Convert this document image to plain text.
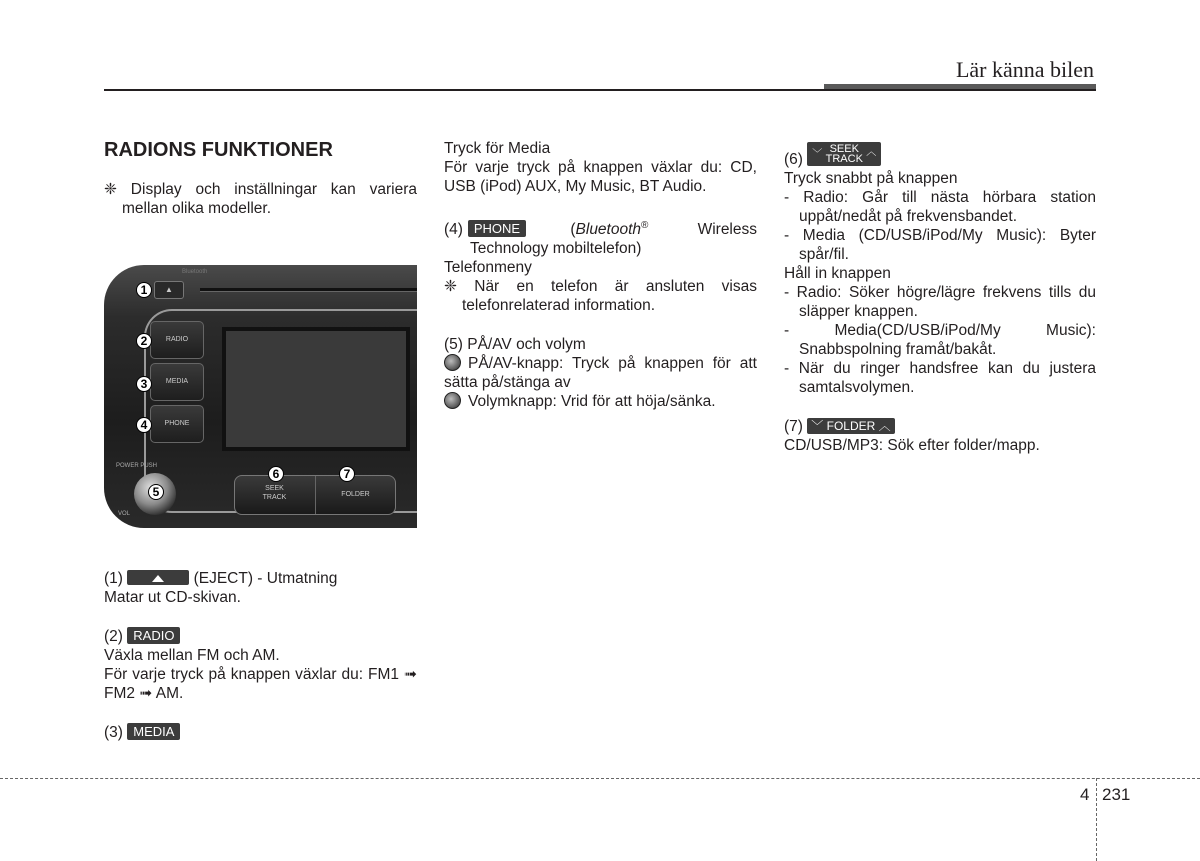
Lär känna bilen

RADIONS FUNKTIONER

❈ Display och inställningar kan variera mellan olika modeller.

Bluetooth
▲
RADIO
MEDIA
PHONE
POWER PUSH
VOL
SEEK
TRACK	FOLDER
1
2
3
4
5
6	7

(1)	(EJECT) - Utmatning

Matar ut CD-skivan.

(2) RADIO

Växla mellan FM och AM.

För varje tryck på knappen växlar du: FM1 ➟ FM2 ➟ AM.

(3) MEDIA

Tryck för Media

För varje tryck på knappen växlar du: CD, USB (iPod) AUX, My Music, BT Audio.

(4) PHONE         (Bluetooth®	Wireless Technology mobiltelefon)

Telefonmeny

❈ När en telefon är ansluten visas telefonrelaterad information.

(5) PÅ/AV och volym

PÅ/AV-knapp: Tryck på knappen för att sätta på/stänga av

Volymknapp: Vrid för att höja/sänka.

(6) ﹀ SEEK
TRACK
︿

Tryck snabbt på knappen

- Radio: Går till nästa hörbara station uppåt/nedåt på frekvensbandet.

- Media (CD/USB/iPod/My Music): Byter spår/fil.

Håll in knappen

- Radio: Söker högre/lägre frekvens tills du släpper knappen.

- Media(CD/USB/iPod/My Music): Snabbspolning framåt/bakåt.

- När du ringer handsfree kan du justera samtalsvolymen.

(7) ﹀ FOLDER ︿

CD/USB/MP3: Sök efter folder/mapp.

4 231
